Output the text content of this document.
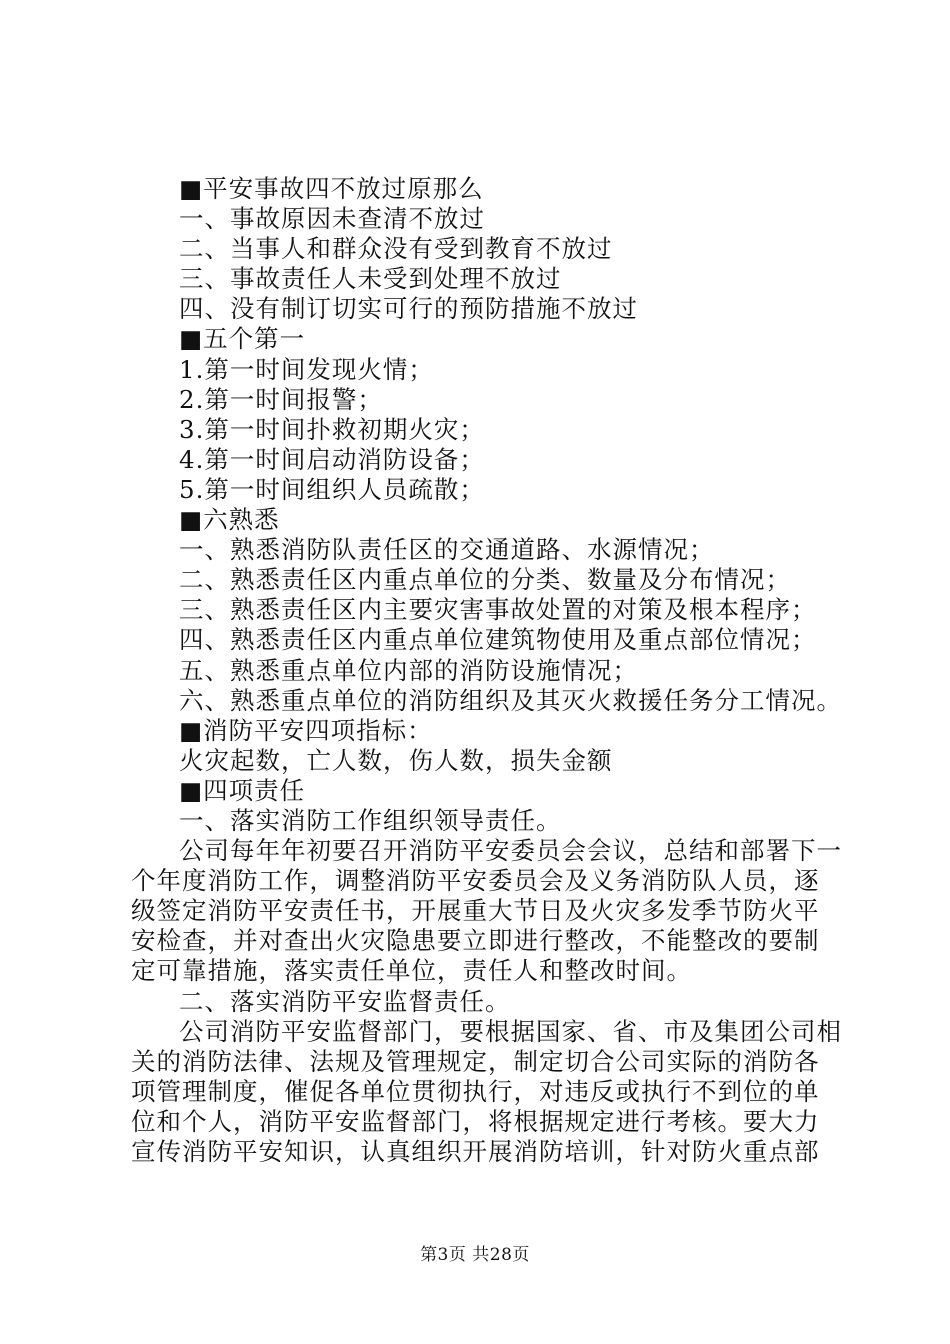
■平安事故四不放过原那么
一、事故原因未查清不放过
二、当事人和群众没有受到教育不放过
三、事故责任人未受到处理不放过
四、没有制订切实可行的预防措施不放过
■五个第一
1.第一时间发现火情；
2.第一时间报警；
3.第一时间扑救初期火灾；
4.第一时间启动消防设备；
5.第一时间组织人员疏散；
■六熟悉
一、熟悉消防队责任区的交通道路、水源情况；
二、熟悉责任区内重点单位的分类、数量及分布情况；
三、熟悉责任区内主要灾害事故处置的对策及根本程序；
四、熟悉责任区内重点单位建筑物使用及重点部位情况；
五、熟悉重点单位内部的消防设施情况；
六、熟悉重点单位的消防组织及其灭火救援任务分工情况。
■消防平安四项指标：
火灾起数，亡人数，伤人数，损失金额
■四项责任
一、落实消防工作组织领导责任。
公司每年年初要召开消防平安委员会会议，总结和部署下一
个年度消防工作，调整消防平安委员会及义务消防队人员，逐
级签定消防平安责任书，开展重大节日及火灾多发季节防火平
安检查，并对查出火灾隐患要立即进行整改，不能整改的要制
定可靠措施，落实责任单位，责任人和整改时间。
二、落实消防平安监督责任。
公司消防平安监督部门，要根据国家、省、市及集团公司相
关的消防法律、法规及管理规定，制定切合公司实际的消防各
项管理制度，催促各单位贯彻执行，对违反或执行不到位的单
位和个人，消防平安监督部门，将根据规定进行考核。要大力
宣传消防平安知识，认真组织开展消防培训，针对防火重点部
第3页 共28页
